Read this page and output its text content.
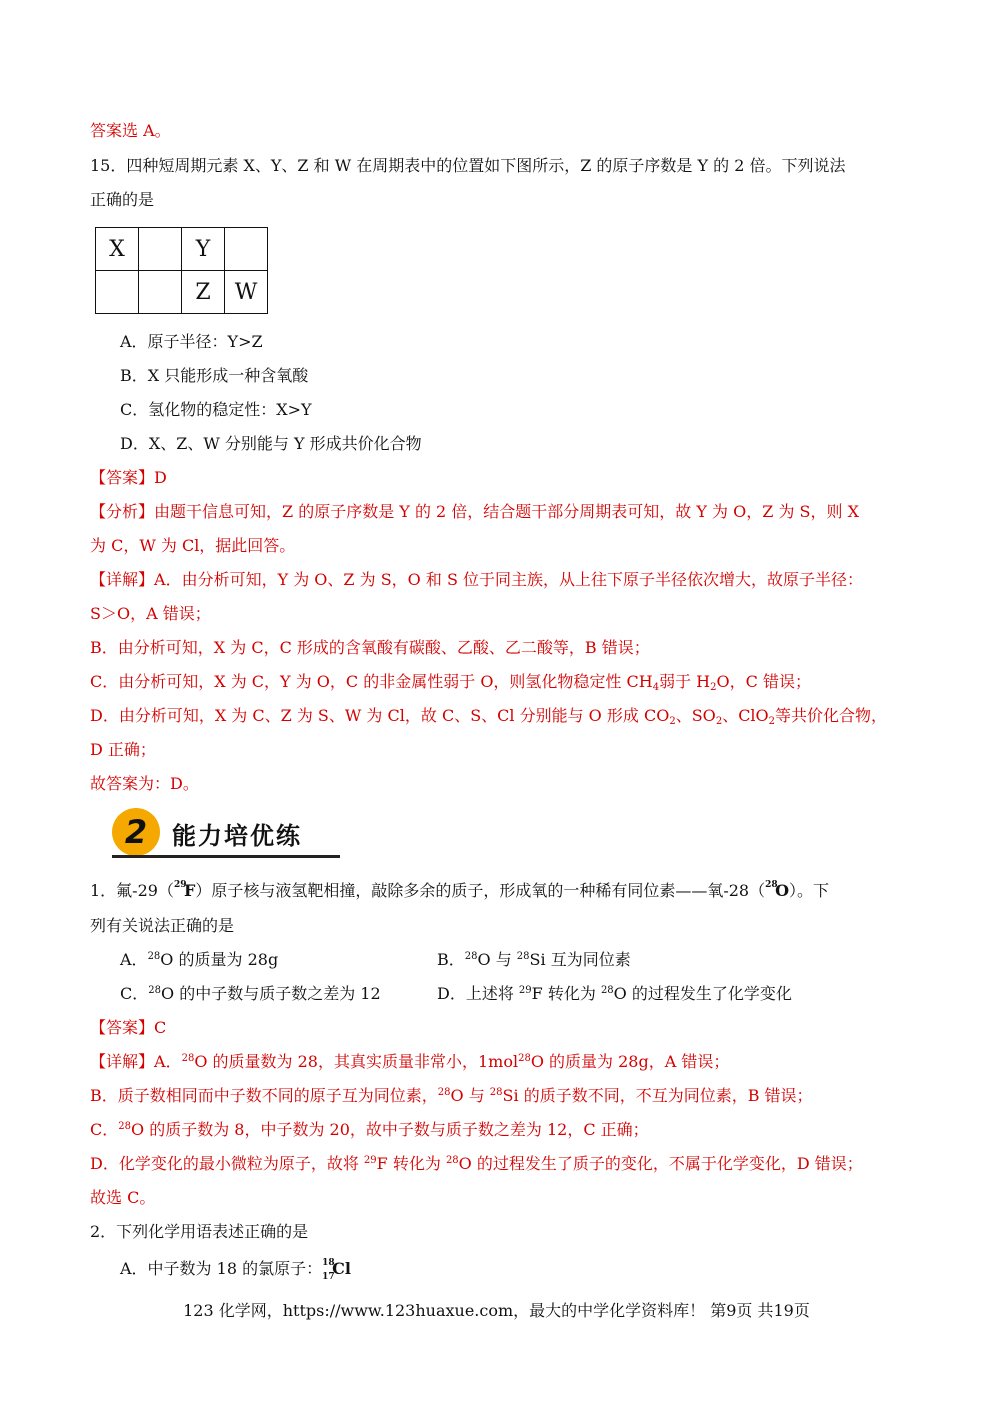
答案选 A。
15．四种短周期元素 X、Y、Z 和 W 在周期表中的位置如下图所示，Z 的原子序数是 Y 的 2 倍。下列说法
正确的是
X		Y	
		Z	W
A．原子半径：Y>Z
B．X 只能形成一种含氧酸
C．氢化物的稳定性：X>Y
D．X、Z、W 分别能与 Y 形成共价化合物
【答案】D
【分析】由题干信息可知，Z 的原子序数是 Y 的 2 倍，结合题干部分周期表可知，故 Y 为 O，Z 为 S，则 X
为 C，W 为 Cl，据此回答。
【详解】A．由分析可知，Y 为 O、Z 为 S，O 和 S 位于同主族，从上往下原子半径依次增大，故原子半径：
S＞O，A 错误；
B．由分析可知，X 为 C，C 形成的含氧酸有碳酸、乙酸、乙二酸等，B 错误；
C．由分析可知，X 为 C，Y 为 O，C 的非金属性弱于 O，则氢化物稳定性 $CH_4$弱于 $H_2O$，C 错误；
D．由分析可知，X 为 C、Z 为 S、W 为 Cl，故 C、S、Cl 分别能与 O 形成 $CO_2$、$SO_2$、ClO$_2$等共价化合物，
D 正确；
故答案为：D。
2	能力培优练
1．氟-29（ 29
F）原子核与液氢靶相撞，敲除多余的质子，形成氧的一种稀有同位素——氧-28（ 28
O）。下
列有关说法正确的是
A．$^{28}$O 的质量为 28g	B．$^{28}$O 与 $^{28}$Si 互为同位素
C．$^{28}$O 的中子数与质子数之差为 12	D．上述将 $^{29}$F 转化为 $^{28}$O 的过程发生了化学变化
【答案】C
【详解】A．$^{28}$O 的质量数为 28，其真实质量非常小，1mol$^{28}$O 的质量为 28g，A 错误；
B．质子数相同而中子数不同的原子互为同位素，$^{28}$O 与 $^{28}$Si 的质子数不同，不互为同位素，B 错误；
C．$^{28}$O 的质子数为 8，中子数为 20，故中子数与质子数之差为 12，C 正确；
D．化学变化的最小微粒为原子，故将 $^{29}$F 转化为 $^{28}$O 的过程发生了质子的变化，不属于化学变化，D 错误；
故选 C。
2．下列化学用语表述正确的是
A．中子数为 18 的氯原子： 18
17
Cl
123 化学网，https://www.123huaxue.com，最大的中学化学资料库！ 第9页 共19页
